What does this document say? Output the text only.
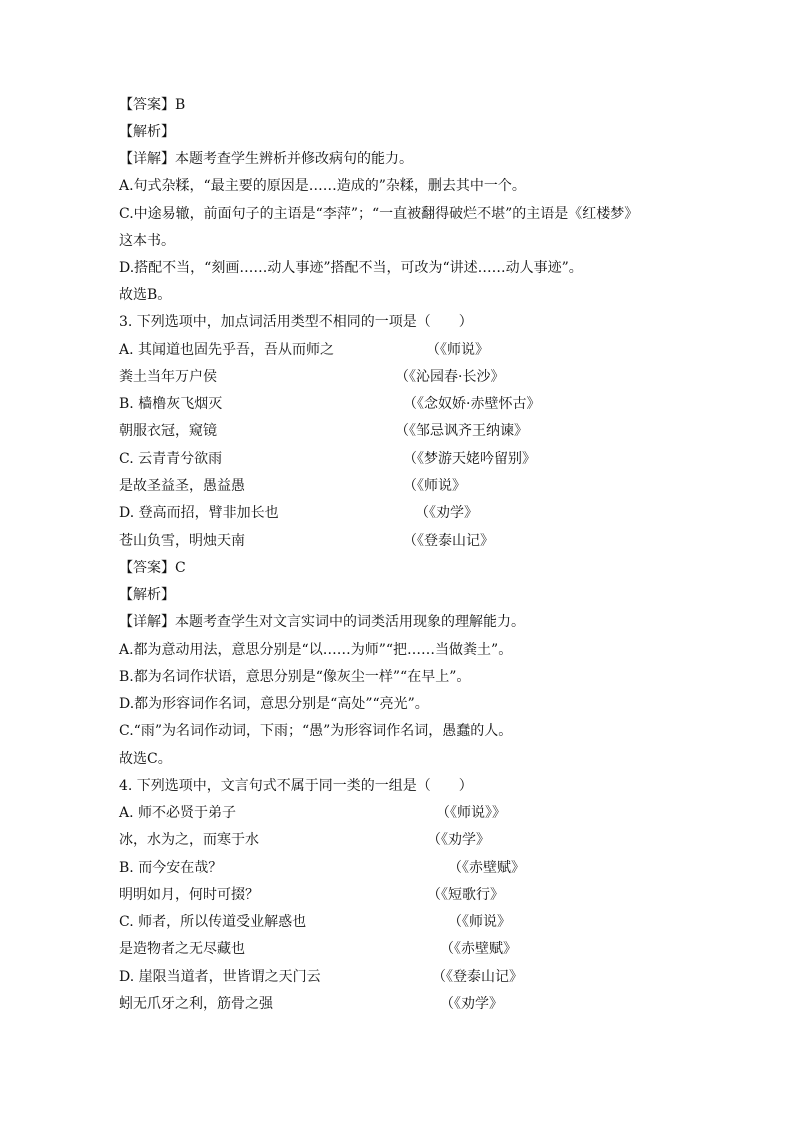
【答案】B
【解析】
【详解】本题考查学生辨析并修改病句的能力。
A.句式杂糅，“最主要的原因是……造成的”杂糅，删去其中一个。
C.中途易辙，前面句子的主语是“李萍”；“一直被翻得破烂不堪”的主语是《红楼梦》
这本书。
D.搭配不当，“刻画……动人事迹”搭配不当，可改为“讲述……动人事迹”。
故选B。
3. 下列选项中，加点词活用类型不相同的一项是（　　）
A. 其闻道也固先乎吾，吾从而师之	（《师说》
粪土当年万户侯	（《沁园春·长沙》
B. 樯橹灰飞烟灭	（《念奴娇·赤壁怀古》
朝服衣冠，窥镜	（《邹忌讽齐王纳谏》
C. 云青青兮欲雨	（《梦游天姥吟留别》
是故圣益圣，愚益愚	（《师说》
D. 登高而招，臂非加长也	（《劝学》
苍山负雪，明烛天南	（《登泰山记》
【答案】C
【解析】
【详解】本题考查学生对文言实词中的词类活用现象的理解能力。
A.都为意动用法，意思分别是“以……为师”“把……当做粪土”。
B.都为名词作状语，意思分别是“像灰尘一样”“在早上”。
D.都为形容词作名词，意思分别是“高处”“亮光”。
C.“雨”为名词作动词，下雨；“愚”为形容词作名词，愚蠢的人。
故选C。
4. 下列选项中，文言句式不属于同一类的一组是（　　）
A. 师不必贤于弟子	（《师说》》
冰，水为之，而寒于水	（《劝学》
B. 而今安在哉？	（《赤壁赋》
明明如月，何时可掇？	（《短歌行》
C. 师者，所以传道受业解惑也	（《师说》
是造物者之无尽藏也	（《赤壁赋》
D. 崖限当道者，世皆谓之天门云	（《登泰山记》
蚓无爪牙之利，筋骨之强	（《劝学》
